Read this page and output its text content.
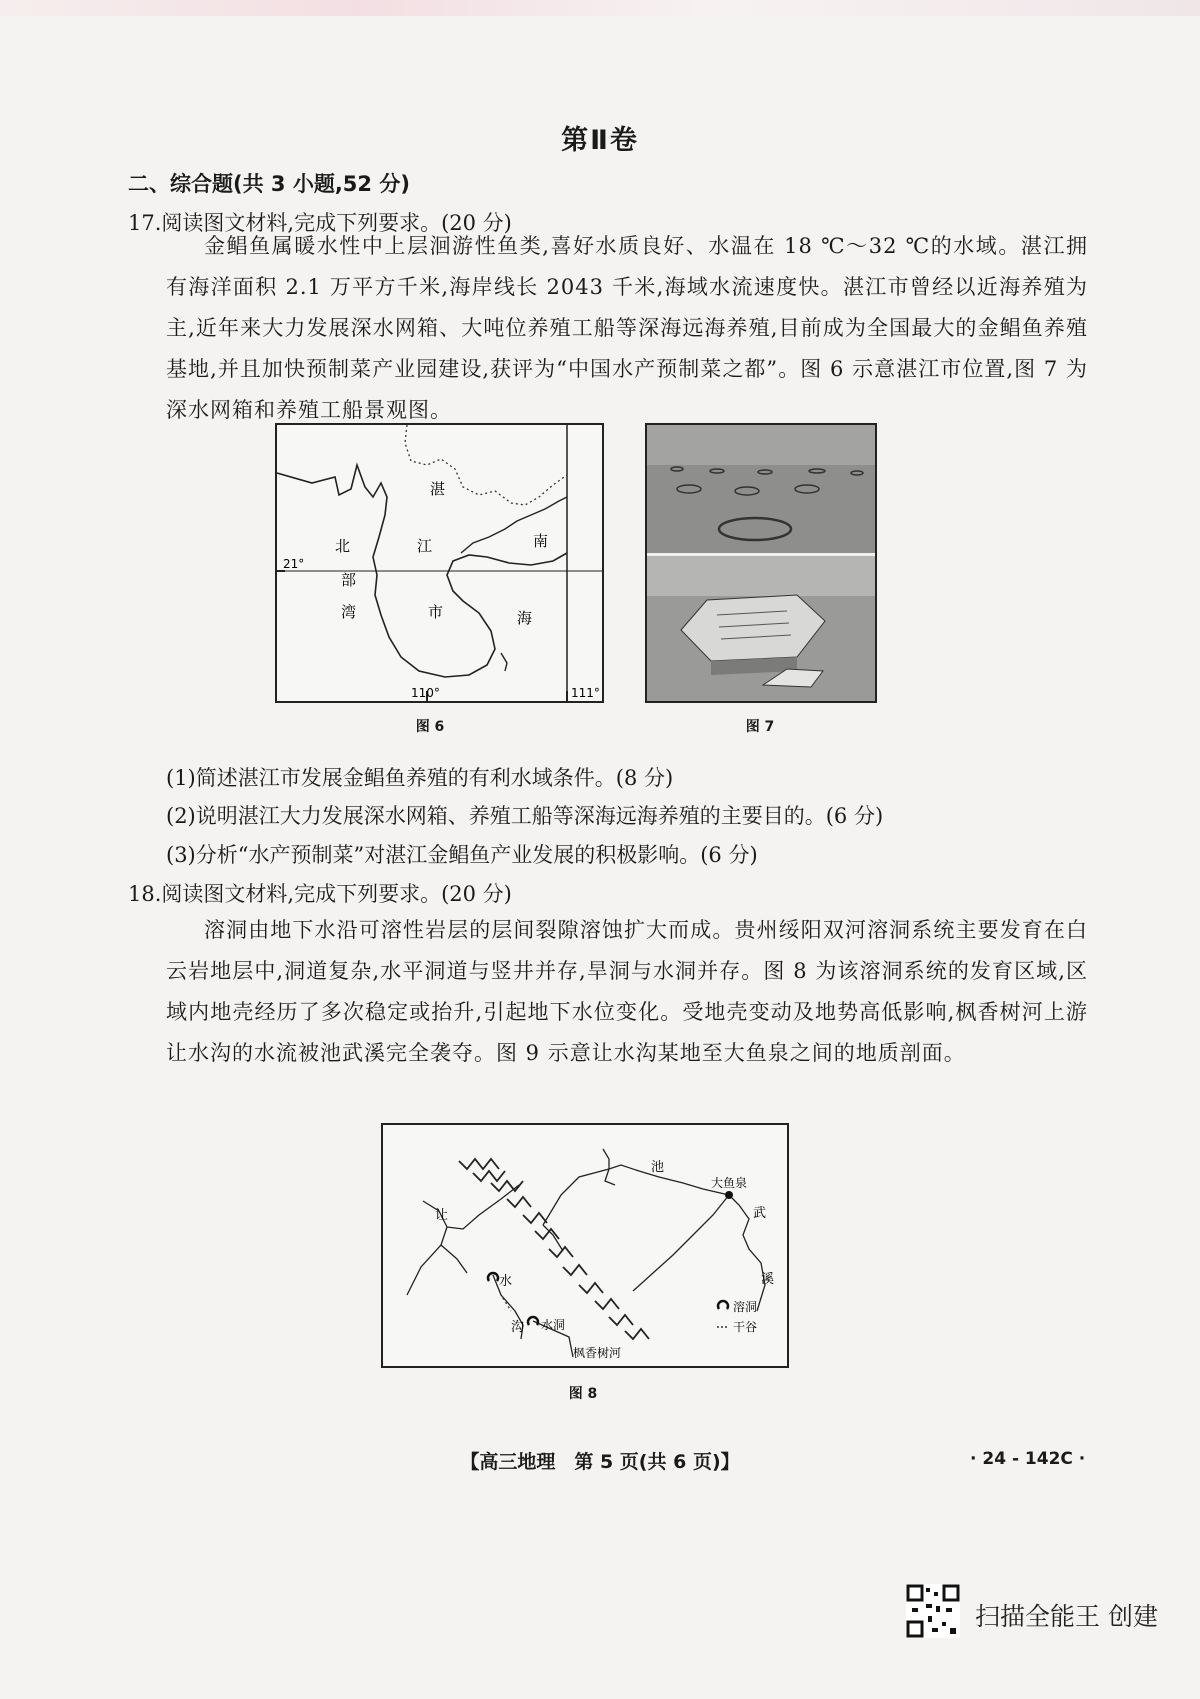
第Ⅱ卷
二、综合题(共 3 小题,52 分)
17.阅读图文材料,完成下列要求。(20 分)
金鲳鱼属暖水性中上层洄游性鱼类,喜好水质良好、水温在 18 ℃～32 ℃的水域。湛江拥有海洋面积 2.1 万平方千米,海岸线长 2043 千米,海域水流速度快。湛江市曾经以近海养殖为主,近年来大力发展深水网箱、大吨位养殖工船等深海远海养殖,目前成为全国最大的金鲳鱼养殖基地,并且加快预制菜产业园建设,获评为“中国水产预制菜之都”。图 6 示意湛江市位置,图 7 为深水网箱和养殖工船景观图。
湛
江
市
北
部
湾
南
海
21°
110°	111°
图 6	图 7
(1)简述湛江市发展金鲳鱼养殖的有利水域条件。(8 分)
(2)说明湛江大力发展深水网箱、养殖工船等深海远海养殖的主要目的。(6 分)
(3)分析“水产预制菜”对湛江金鲳鱼产业发展的积极影响。(6 分)
18.阅读图文材料,完成下列要求。(20 分)
溶洞由地下水沿可溶性岩层的层间裂隙溶蚀扩大而成。贵州绥阳双河溶洞系统主要发育在白云岩地层中,洞道复杂,水平洞道与竖井并存,旱洞与水洞并存。图 8 为该溶洞系统的发育区域,区域内地壳经历了多次稳定或抬升,引起地下水位变化。受地壳变动及地势高低影响,枫香树河上游让水沟的水流被池武溪完全袭夺。图 9 示意让水沟某地至大鱼泉之间的地质剖面。
让
水
沟 水洞
池
大鱼泉
武
溪
枫香树河
溶洞
干谷
图 8
【高三地理　第 5 页(共 6 页)】	· 24 - 142C ·
扫描全能王 创建
